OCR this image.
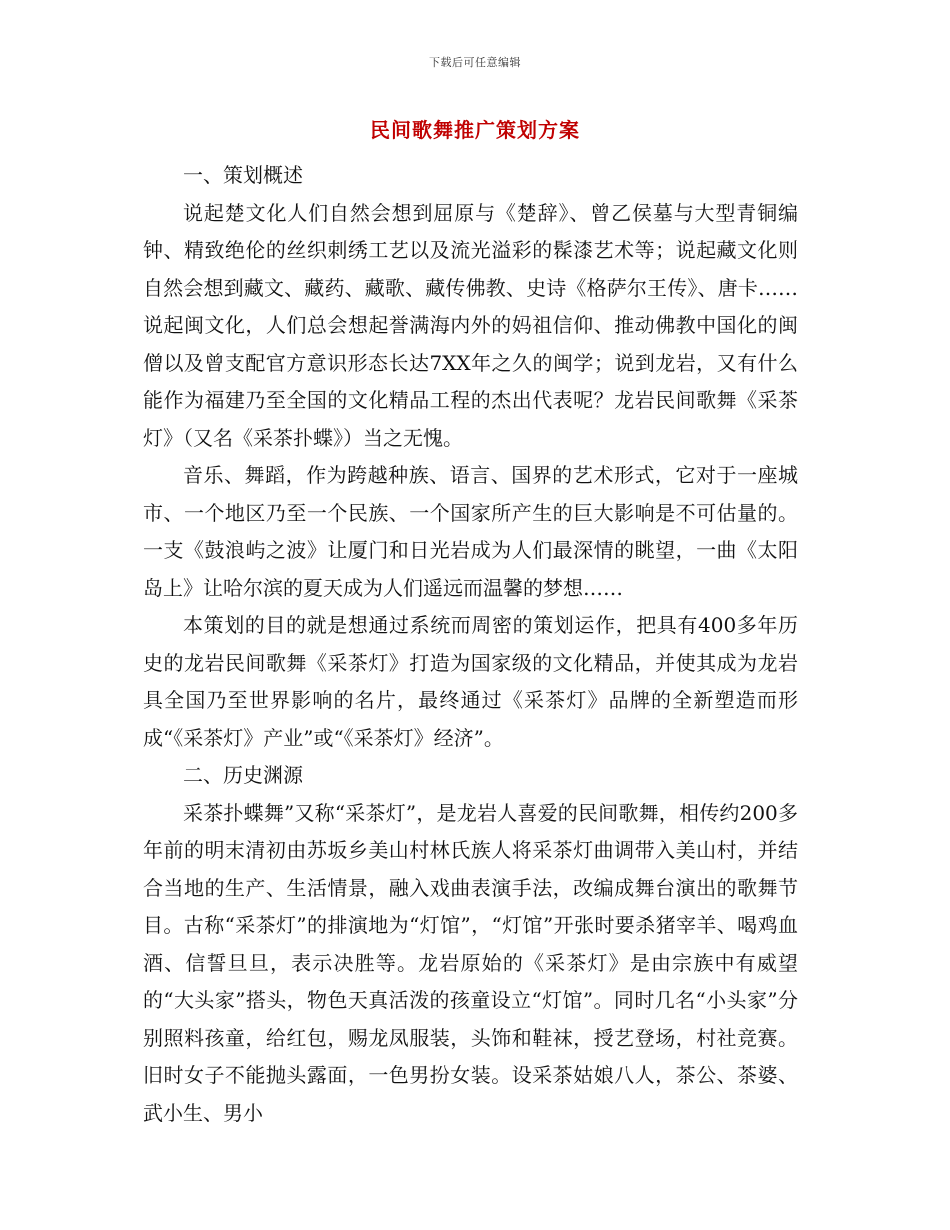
下载后可任意编辑
民间歌舞推广策划方案

一、策划概述

说起楚文化人们自然会想到屈原与《楚辞》、曾乙侯墓与大型青铜编钟、精致绝伦的丝织刺绣工艺以及流光溢彩的髹漆艺术等；说起藏文化则自然会想到藏文、藏药、藏歌、藏传佛教、史诗《格萨尔王传》、唐卡……说起闽文化，人们总会想起誉满海内外的妈祖信仰、推动佛教中国化的闽僧以及曾支配官方意识形态长达7XX年之久的闽学；说到龙岩，又有什么能作为福建乃至全国的文化精品工程的杰出代表呢？龙岩民间歌舞《采茶灯》（又名《采茶扑蝶》）当之无愧。

音乐、舞蹈，作为跨越种族、语言、国界的艺术形式，它对于一座城市、一个地区乃至一个民族、一个国家所产生的巨大影响是不可估量的。一支《鼓浪屿之波》让厦门和日光岩成为人们最深情的眺望，一曲《太阳岛上》让哈尔滨的夏天成为人们遥远而温馨的梦想……

本策划的目的就是想通过系统而周密的策划运作，把具有400多年历史的龙岩民间歌舞《采茶灯》打造为国家级的文化精品，并使其成为龙岩具全国乃至世界影响的名片，最终通过《采茶灯》品牌的全新塑造而形成“《采茶灯》产业”或“《采茶灯》经济”。

二、历史渊源

采茶扑蝶舞”又称“采茶灯”，是龙岩人喜爱的民间歌舞，相传约200多年前的明末清初由苏坂乡美山村林氏族人将采茶灯曲调带入美山村，并结合当地的生产、生活情景，融入戏曲表演手法，改编成舞台演出的歌舞节目。古称“采茶灯”的排演地为“灯馆”，“灯馆”开张时要杀猪宰羊、喝鸡血酒、信誓旦旦，表示决胜等。龙岩原始的《采茶灯》是由宗族中有威望的“大头家”搭头，物色天真活泼的孩童设立“灯馆”。同时几名“小头家”分别照料孩童，给红包，赐龙凤服装，头饰和鞋袜，授艺登场，村社竞赛。旧时女子不能抛头露面，一色男扮女装。设采茶姑娘八人，茶公、茶婆、武小生、男小
